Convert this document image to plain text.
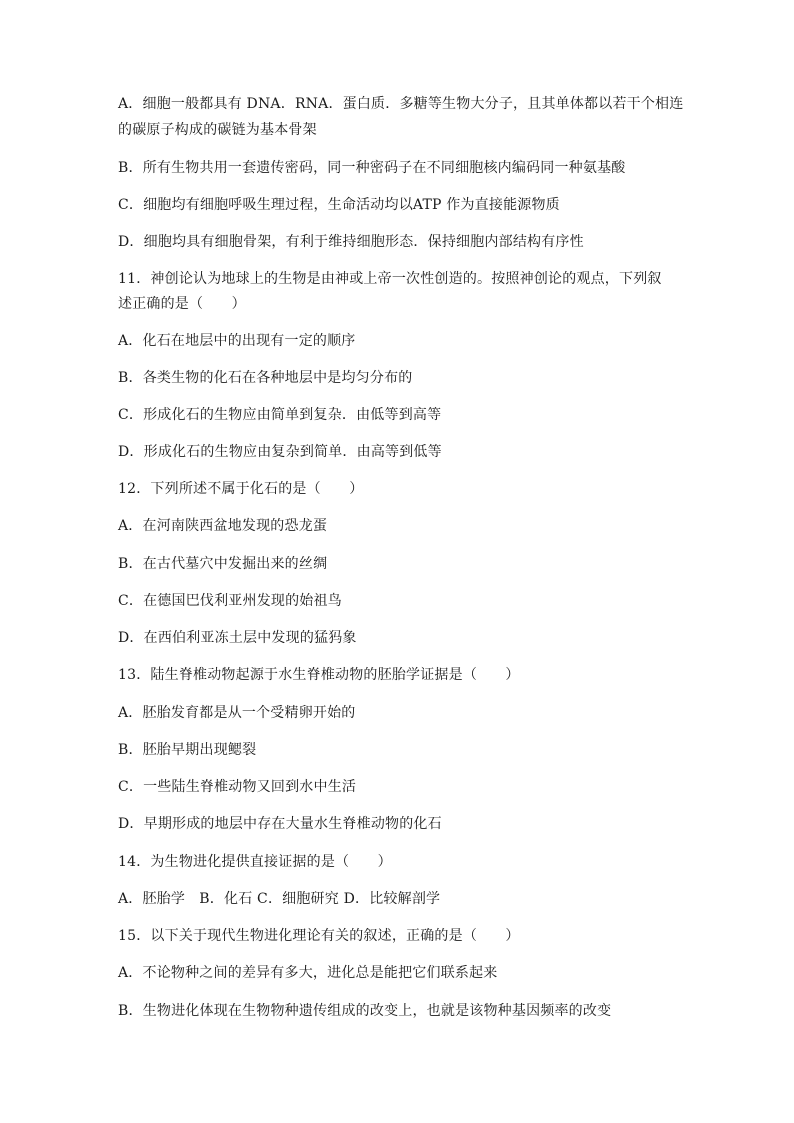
A．细胞一般都具有 DNA．RNA．蛋白质．多糖等生物大分子，且其单体都以若干个相连
的碳原子构成的碳链为基本骨架
B．所有生物共用一套遗传密码，同一种密码子在不同细胞核内编码同一种氨基酸
C．细胞均有细胞呼吸生理过程，生命活动均以ATP 作为直接能源物质
D．细胞均具有细胞骨架，有利于维持细胞形态．保持细胞内部结构有序性
11．神创论认为地球上的生物是由神或上帝一次性创造的。按照神创论的观点，下列叙
述正确的是（　　）
A．化石在地层中的出现有一定的顺序
B．各类生物的化石在各种地层中是均匀分布的
C．形成化石的生物应由简单到复杂．由低等到高等
D．形成化石的生物应由复杂到简单．由高等到低等
12．下列所述不属于化石的是（　　）
A．在河南陕西盆地发现的恐龙蛋
B．在古代墓穴中发掘出来的丝绸
C．在德国巴伐利亚州发现的始祖鸟
D．在西伯利亚冻土层中发现的猛犸象
13．陆生脊椎动物起源于水生脊椎动物的胚胎学证据是（　　）
A．胚胎发育都是从一个受精卵开始的
B．胚胎早期出现鳃裂
C．一些陆生脊椎动物又回到水中生活
D．早期形成的地层中存在大量水生脊椎动物的化石
14．为生物进化提供直接证据的是（　　）
A．胚胎学　B．化石 C．细胞研究 D．比较解剖学
15．以下关于现代生物进化理论有关的叙述，正确的是（　　）
A．不论物种之间的差异有多大，进化总是能把它们联系起来
B．生物进化体现在生物物种遗传组成的改变上，也就是该物种基因频率的改变
